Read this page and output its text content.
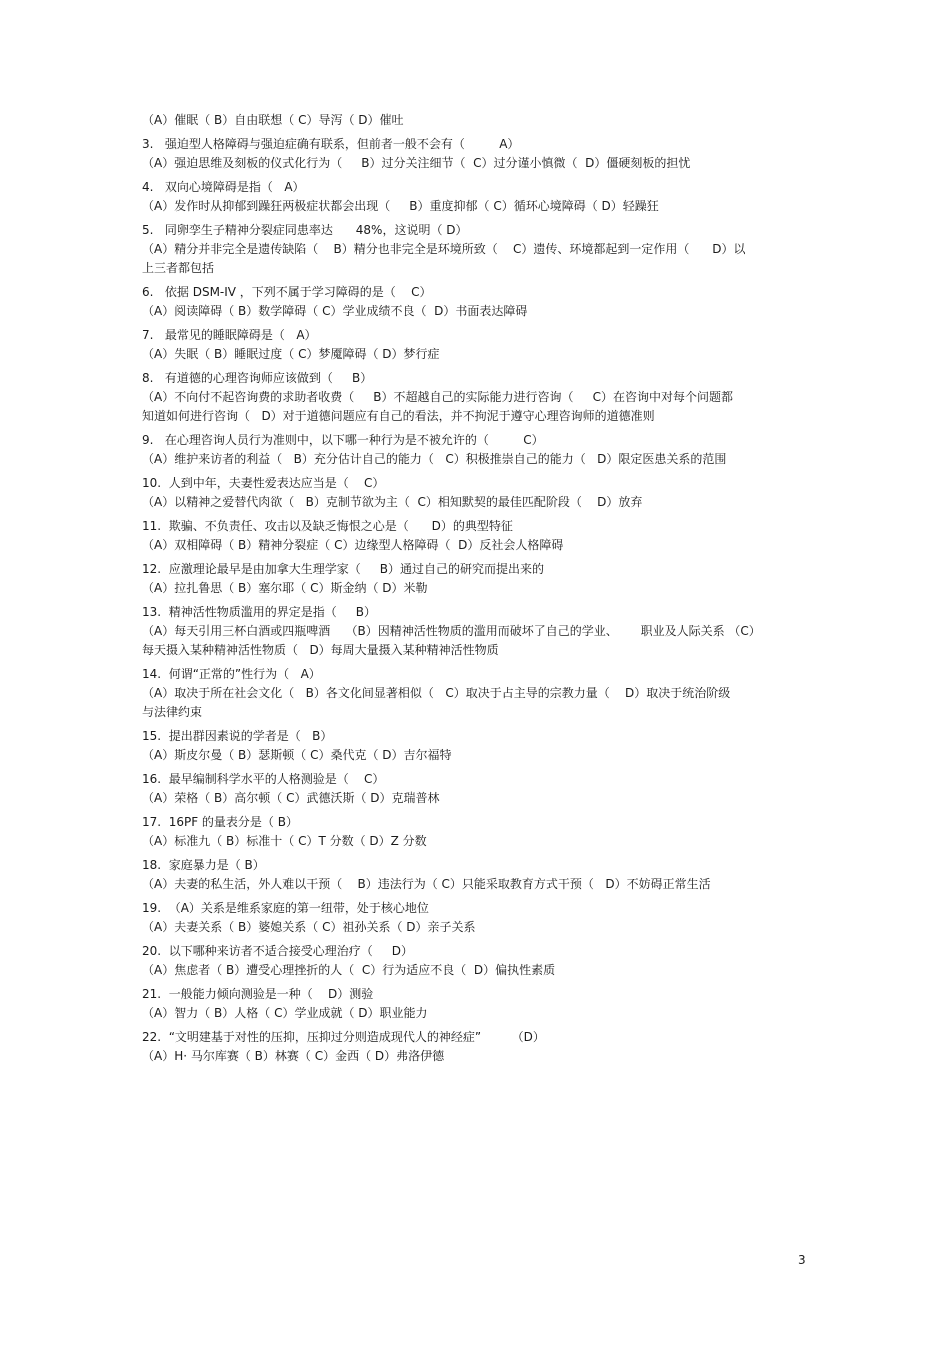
（A）催眠（ B）自由联想（ C）导泻（ D）催吐
3.   强迫型人格障碍与强迫症确有联系，但前者一般不会有（         A）
（A）强迫思维及刻板的仪式化行为（     B）过分关注细节（  C）过分谨小慎微（  D）僵硬刻板的担忧
4.   双向心境障碍是指（   A）
（A）发作时从抑郁到躁狂两极症状都会出现（     B）重度抑郁（ C）循环心境障碍（ D）轻躁狂
5.   同卵孪生子精神分裂症同患率达      48%，这说明（ D）
（A）精分并非完全是遗传缺陷（    B）精分也非完全是环境所致（    C）遗传、环境都起到一定作用（      D）以
上三者都包括
6.   依据 DSM-IV ，下列不属于学习障碍的是（    C）
（A）阅读障碍（ B）数学障碍（ C）学业成绩不良（  D）书面表达障碍
7.   最常见的睡眠障碍是（   A）
（A）失眠（ B）睡眠过度（ C）梦魇障碍（ D）梦行症
8.   有道德的心理咨询师应该做到（     B）
（A）不向付不起咨询费的求助者收费（     B）不超越自己的实际能力进行咨询（     C）在咨询中对每个问题都
知道如何进行咨询（   D）对于道德问题应有自己的看法，并不拘泥于遵守心理咨询师的道德准则
9.   在心理咨询人员行为准则中，以下哪一种行为是不被允许的（         C）
（A）维护来访者的利益（   B）充分估计自己的能力（   C）积极推崇自己的能力（   D）限定医患关系的范围
10.  人到中年，夫妻性爱表达应当是（    C）
（A）以精神之爱替代肉欲（   B）克制节欲为主（  C）相知默契的最佳匹配阶段（    D）放弃
11.  欺骗、不负责任、攻击以及缺乏悔恨之心是（      D）的典型特征
（A）双相障碍（ B）精神分裂症（ C）边缘型人格障碍（  D）反社会人格障碍
12.  应激理论最早是由加拿大生理学家（     B）通过自己的研究而提出来的
（A）拉扎鲁思（ B）塞尔耶（ C）斯金纳（ D）米勒
13.  精神活性物质滥用的界定是指（     B）
（A）每天引用三杯白酒或四瓶啤酒    （B）因精神活性物质的滥用而破坏了自己的学业、      职业及人际关系 （C）
每天摄入某种精神活性物质（   D）每周大量摄入某种精神活性物质
14.  何谓“正常的”性行为（   A）
（A）取决于所在社会文化（   B）各文化间显著相似（   C）取决于占主导的宗教力量（    D）取决于统治阶级
与法律约束
15.  提出群因素说的学者是（   B）
（A）斯皮尔曼（ B）瑟斯顿（ C）桑代克（ D）吉尔福特
16.  最早编制科学水平的人格测验是（    C）
（A）荣格（ B）高尔顿（ C）武德沃斯（ D）克瑞普林
17.  16PF 的量表分是（ B）
（A）标准九（ B）标准十（ C）T 分数（ D）Z 分数
18.  家庭暴力是（ B）
（A）夫妻的私生活，外人难以干预（    B）违法行为（ C）只能采取教育方式干预（   D）不妨碍正常生活
19.  （A）关系是维系家庭的第一纽带，处于核心地位
（A）夫妻关系（ B）婆媳关系（ C）祖孙关系（ D）亲子关系
20.  以下哪种来访者不适合接受心理治疗（     D）
（A）焦虑者（ B）遭受心理挫折的人（  C）行为适应不良（  D）偏执性素质
21.  一般能力倾向测验是一种（    D）测验
（A）智力（ B）人格（ C）学业成就（ D）职业能力
22.  “文明建基于对性的压抑，压抑过分则造成现代人的神经症”        （D）
（A）H· 马尔库赛（ B）林赛（ C）金西（ D）弗洛伊德
3
